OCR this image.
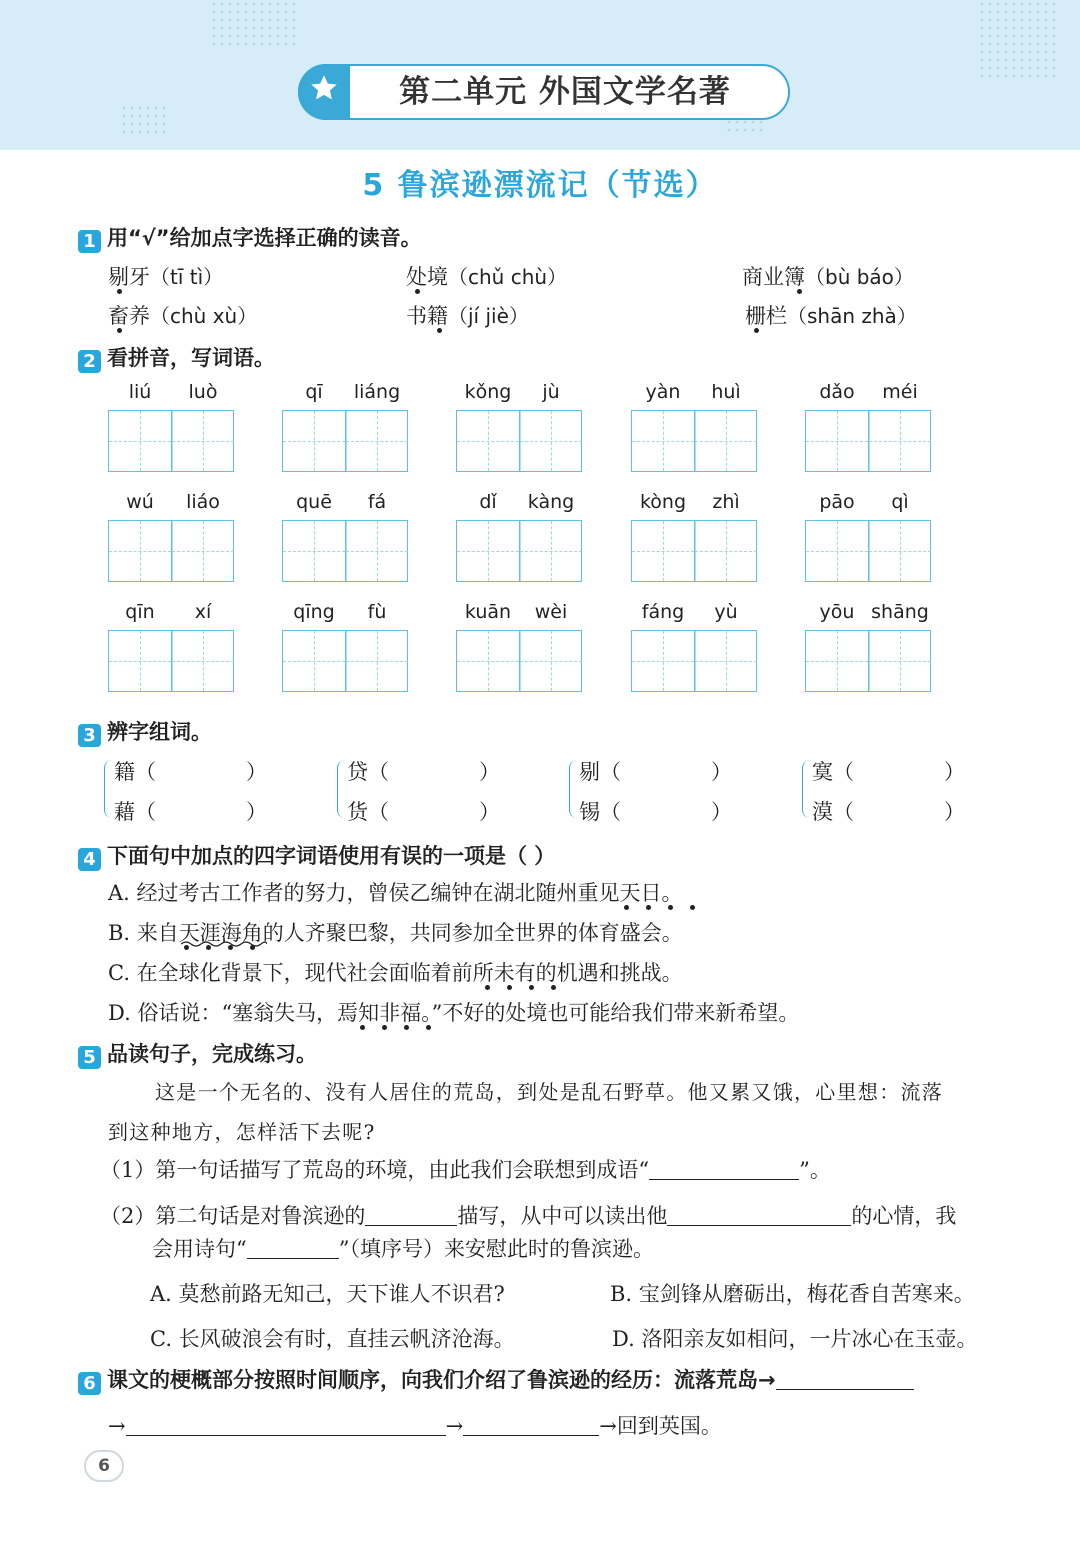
第二单元 外国文学名著
5 鲁滨逊漂流记（节选）
1 用“√”给加点字选择正确的读音。
剔牙（tī tì）	处境（chǔ chù）	商业簿（bù báo）
畜养（chù xù）	书籍（jí jiè）	栅栏（shān zhà）
2 看拼音，写词语。
liú	luò	qī	liáng	kǒng	jù	yàn	huì	dǎo	méi
wú	liáo	quē	fá	dǐ	kàng	kòng	zhì	pāo	qì
qīn	xí	qīng	fù	kuān	wèi	fáng	yù	yōu shāng
3 辨字组词。
籍（	）
藉（	）
贷（	）
货（	）
剔（	）
锡（	）
寞（	）
漠（	）
4 下面句中加点的四字词语使用有误的一项是（ ）
A. 经过考古工作者的努力，曾侯乙编钟在湖北随州重见天日。
B. 来自天涯海角的人齐聚巴黎，共同参加全世界的体育盛会。
C. 在全球化背景下，现代社会面临着前所未有的机遇和挑战。
D. 俗话说：“塞翁失马，焉知非福。”不好的处境也可能给我们带来新希望。
5 品读句子，完成练习。
这是一个无名的、没有人居住的荒岛，到处是乱石野草。他又累又饿，心里想：流落
到这种地方，怎样活下去呢?
（1）第一句话描写了荒岛的环境，由此我们会联想到成语“	”。
（2）第二句话是对鲁滨逊的	描写，从中可以读出他	的心情，我
会用诗句“	”（填序号）来安慰此时的鲁滨逊。
A. 莫愁前路无知己，天下谁人不识君?	B. 宝剑锋从磨砺出，梅花香自苦寒来。
C. 长风破浪会有时，直挂云帆济沧海。	D. 洛阳亲友如相问，一片冰心在玉壶。
6 课文的梗概部分按照时间顺序，向我们介绍了鲁滨逊的经历：流落荒岛→
→	→	→回到英国。
6
